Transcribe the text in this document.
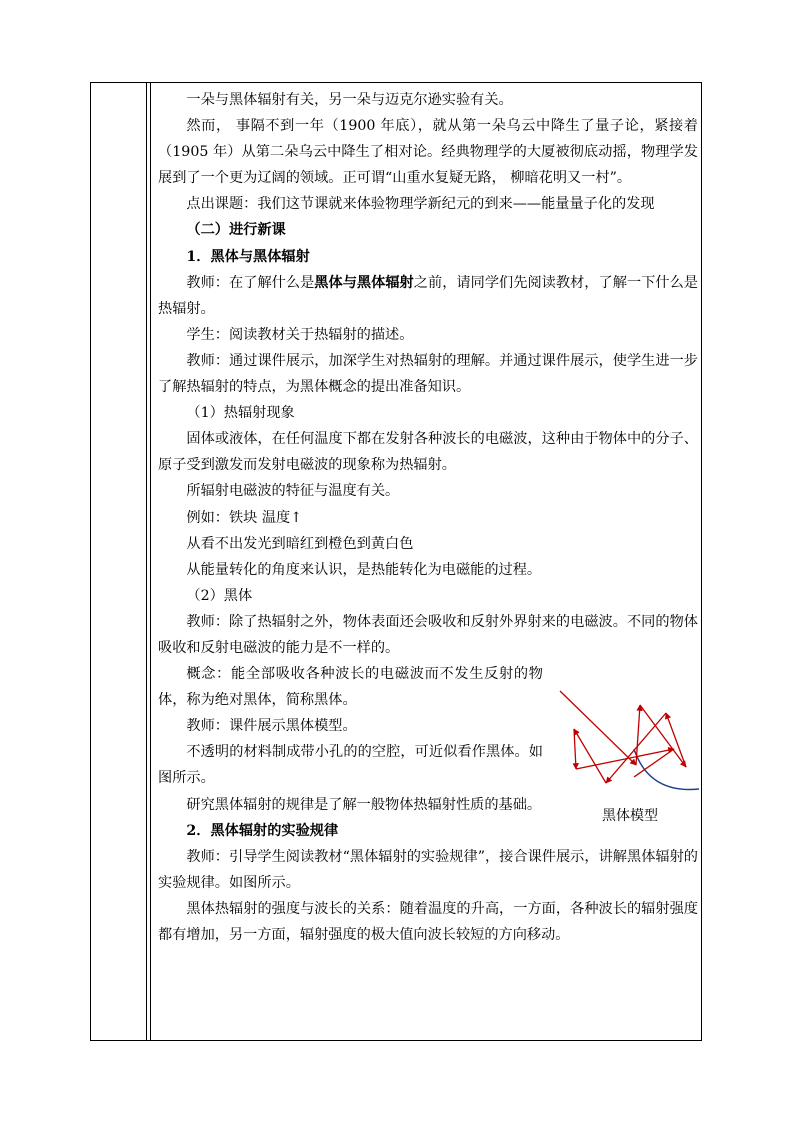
一朵与黑体辐射有关，另一朵与迈克尔逊实验有关。

然而， 事隔不到一年（1900 年底），就从第一朵乌云中降生了量子论，紧接着（1905 年）从第二朵乌云中降生了相对论。经典物理学的大厦被彻底动摇，物理学发展到了一个更为辽阔的领域。正可谓“山重水复疑无路， 柳暗花明又一村”。

点出课题：我们这节课就来体验物理学新纪元的到来——能量量子化的发现

（二）进行新课

1．黑体与黑体辐射

教师：在了解什么是黑体与黑体辐射之前，请同学们先阅读教材，了解一下什么是热辐射。

学生：阅读教材关于热辐射的描述。

教师：通过课件展示，加深学生对热辐射的理解。并通过课件展示，使学生进一步了解热辐射的特点，为黑体概念的提出准备知识。

（1）热辐射现象

固体或液体，在任何温度下都在发射各种波长的电磁波，这种由于物体中的分子、原子受到激发而发射电磁波的现象称为热辐射。

所辐射电磁波的特征与温度有关。

例如：铁块 温度↑

从看不出发光到暗红到橙色到黄白色

从能量转化的角度来认识，是热能转化为电磁能的过程。

（2）黑体

教师：除了热辐射之外，物体表面还会吸收和反射外界射来的电磁波。不同的物体吸收和反射电磁波的能力是不一样的。

概念：能全部吸收各种波长的电磁波而不发生反射的物体，称为绝对黑体，简称黑体。

教师：课件展示黑体模型。

不透明的材料制成带小孔的的空腔，可近似看作黑体。如图所示。

研究黑体辐射的规律是了解一般物体热辐射性质的基础。

黑体模型

2．黑体辐射的实验规律

教师：引导学生阅读教材“黑体辐射的实验规律”，接合课件展示，讲解黑体辐射的实验规律。如图所示。

黑体热辐射的强度与波长的关系：随着温度的升高，一方面，各种波长的辐射强度都有增加，另一方面，辐射强度的极大值向波长较短的方向移动。
